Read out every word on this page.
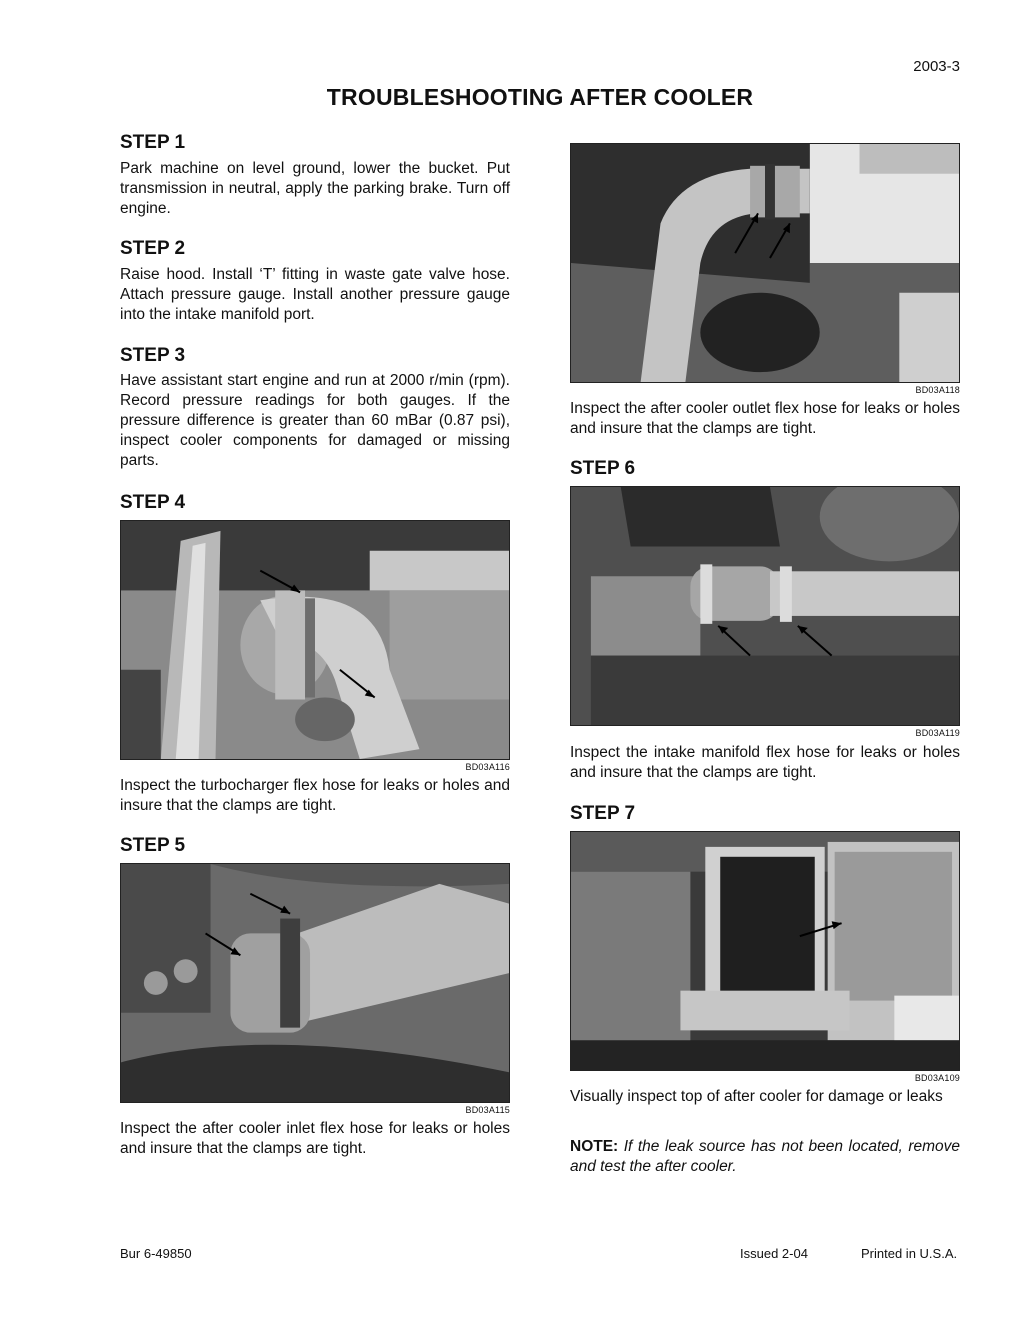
2003-3
TROUBLESHOOTING AFTER COOLER
STEP 1
Park machine on level ground, lower the bucket. Put transmission in neutral, apply the parking brake. Turn off engine.
STEP 2
Raise hood. Install ‘T’ fitting in waste gate valve hose. Attach pressure gauge. Install another pressure gauge into the intake manifold port.
STEP 3
Have assistant start engine and run at 2000 r/min (rpm). Record pressure readings for both gauges. If the pressure difference is greater than 60 mBar (0.87 psi), inspect cooler components for damaged or missing parts.
STEP 4
BD03A116
Inspect the turbocharger flex hose for leaks or holes and insure that the clamps are tight.
STEP 5
BD03A115
Inspect the after cooler inlet flex hose for leaks or holes and insure that the clamps are tight.
BD03A118
Inspect the after cooler outlet flex hose for leaks or holes and insure that the clamps are tight.
STEP 6
BD03A119
Inspect the intake manifold flex hose for leaks or holes and insure that the clamps are tight.
STEP 7
BD03A109
Visually inspect top of after cooler for damage or leaks
NOTE: If the leak source has not been located, remove and test the after cooler.
Bur 6-49850	Issued 2-04	Printed in U.S.A.
